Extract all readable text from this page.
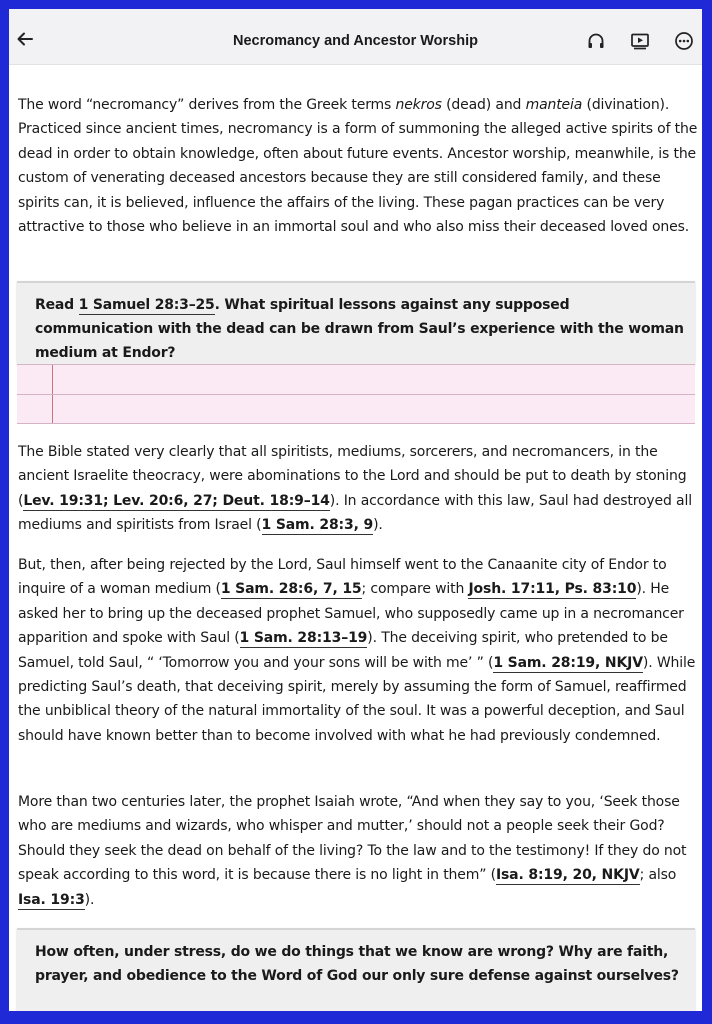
Necromancy and Ancestor Worship

The word “necromancy” derives from the Greek terms nekros (dead) and manteia (divination). Practiced since ancient times, necromancy is a form of summoning the alleged active spirits of the dead in order to obtain knowledge, often about future events. Ancestor worship, meanwhile, is the custom of venerating deceased ancestors because they are still considered family, and these spirits can, it is believed, influence the affairs of the living. These pagan practices can be very attractive to those who believe in an immortal soul and who also miss their deceased loved ones.

Read 1 Samuel 28:3–25. What spiritual lessons against any supposed communication with the dead can be drawn from Saul’s experience with the woman medium at Endor?

The Bible stated very clearly that all spiritists, mediums, sorcerers, and necromancers, in the ancient Israelite theocracy, were abominations to the Lord and should be put to death by stoning (Lev. 19:31; Lev. 20:6, 27; Deut. 18:9–14). In accordance with this law, Saul had destroyed all mediums and spiritists from Israel (1 Sam. 28:3, 9).

But, then, after being rejected by the Lord, Saul himself went to the Canaanite city of Endor to inquire of a woman medium (1 Sam. 28:6, 7, 15; compare with Josh. 17:11, Ps. 83:10). He asked her to bring up the deceased prophet Samuel, who supposedly came up in a necromancer apparition and spoke with Saul (1 Sam. 28:13–19). The deceiving spirit, who pretended to be Samuel, told Saul, “ ‘Tomorrow you and your sons will be with me’ ” (1 Sam. 28:19, NKJV). While predicting Saul’s death, that deceiving spirit, merely by assuming the form of Samuel, reaffirmed the unbiblical theory of the natural immortality of the soul. It was a powerful deception, and Saul should have known better than to become involved with what he had previously condemned.

More than two centuries later, the prophet Isaiah wrote, “And when they say to you, ‘Seek those who are mediums and wizards, who whisper and mutter,’ should not a people seek their God? Should they seek the dead on behalf of the living? To the law and to the testimony! If they do not speak according to this word, it is because there is no light in them” (Isa. 8:19, 20, NKJV; also Isa. 19:3).

How often, under stress, do we do things that we know are wrong? Why are faith, prayer, and obedience to the Word of God our only sure defense against ourselves?
